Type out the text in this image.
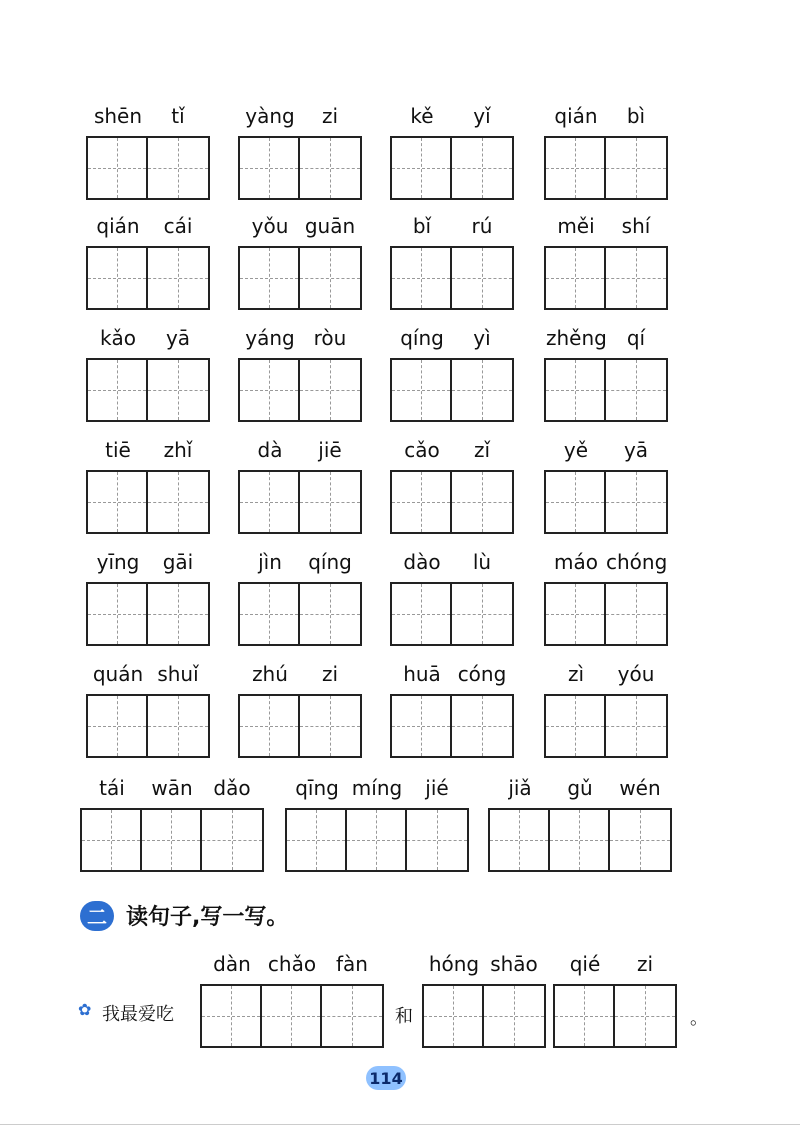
shēn	tǐ	yàng	zi	kě	yǐ	qián	bì
qián	cái	yǒu guān	bǐ	rú	měi	shí
kǎo	yā	yáng ròu	qíng	yì	zhěng	qí
tiē	zhǐ	dà	jiē	cǎo	zǐ	yě	yā
yīng	gāi	jìn	qíng	dào	lù	máo chóng
quán shuǐ	zhú	zi	huā cóng	zì	yóu
tái	wān	dǎo	qīng míng	jié	jiǎ	gǔ	wén
二 读句子,写一写。
✿ 我最爱吃	和	。
dàn chǎo fàn	hóng shāo	qié	zi
114
